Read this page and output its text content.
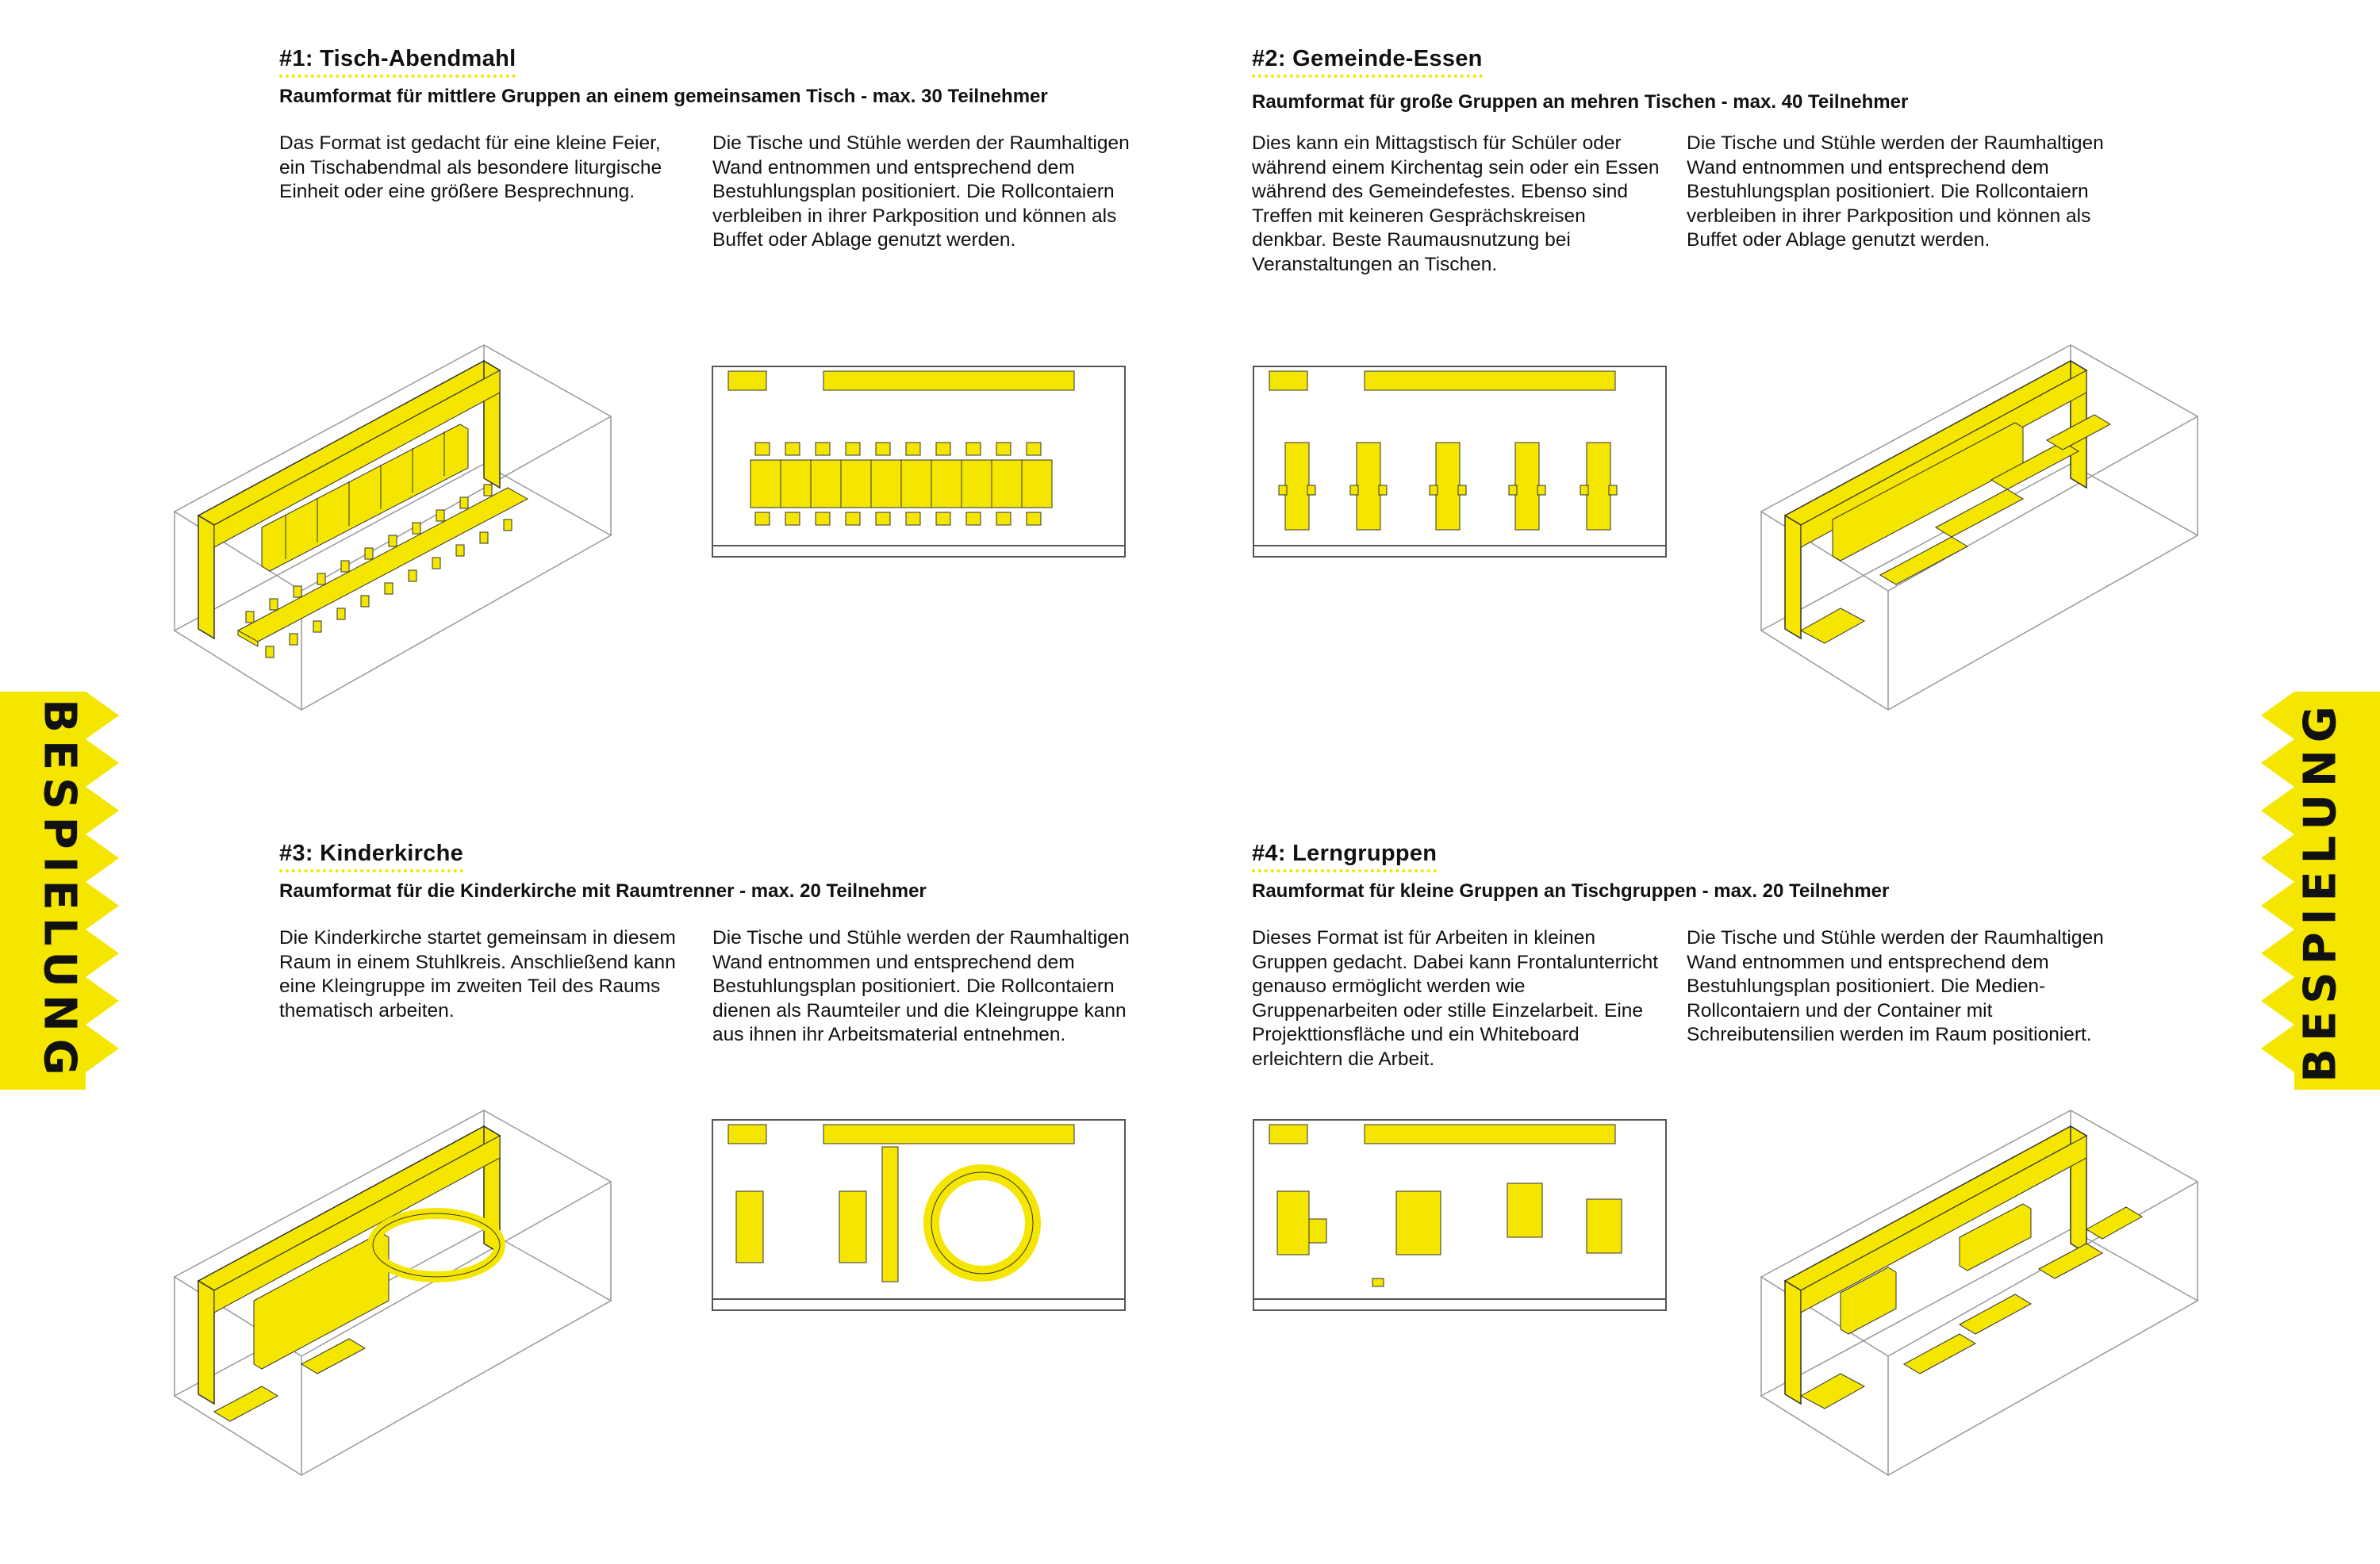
BESPIELUNG	BESPIELUNG
#1: Tisch-Abendmahl
Raumformat für mittlere Gruppen an einem gemeinsamen Tisch - max. 30 Teilnehmer
Das Format ist gedacht für eine kleine Feier, ein Tischabendmal als besondere liturgische Einheit oder eine größere Besprechnung.
Die Tische und Stühle werden der Raumhaltigen Wand entnommen und entsprechend dem Bestuhlungsplan positioniert. Die Rollcontaiern verbleiben in ihrer Parkposition und können als Buffet oder Ablage genutzt werden.
#2: Gemeinde-Essen
Raumformat für große Gruppen an mehren Tischen - max. 40 Teilnehmer
Dies kann ein Mittagstisch für Schüler oder während einem Kirchentag sein oder ein Essen während des Gemeindefestes. Ebenso sind Treffen mit keineren Gesprächskreisen denkbar. Beste Raumausnutzung bei Veranstaltungen an Tischen.
Die Tische und Stühle werden der Raumhaltigen Wand entnommen und entsprechend dem Bestuhlungsplan positioniert. Die Rollcontaiern verbleiben in ihrer Parkposition und können als Buffet oder Ablage genutzt werden.
#3: Kinderkirche
Raumformat für die Kinderkirche mit Raumtrenner - max. 20 Teilnehmer
Die Kinderkirche startet gemeinsam in diesem Raum in einem Stuhlkreis. Anschließend kann eine Kleingruppe im zweiten Teil des Raums thematisch arbeiten.
Die Tische und Stühle werden der Raumhaltigen Wand entnommen und entsprechend dem Bestuhlungsplan positioniert. Die Rollcontaiern dienen als Raumteiler und die Kleingruppe kann aus ihnen ihr Arbeitsmaterial entnehmen.
#4: Lerngruppen
Raumformat für kleine Gruppen an Tischgruppen - max. 20 Teilnehmer
Dieses Format ist für Arbeiten in kleinen Gruppen gedacht. Dabei kann Frontalunterricht genauso ermöglicht werden wie Gruppenarbeiten oder stille Einzelarbeit. Eine Projekttionsfläche und ein Whiteboard erleichtern die Arbeit.
Die Tische und Stühle werden der Raumhaltigen Wand entnommen und entsprechend dem Bestuhlungsplan positioniert. Die Medien-Rollcontaiern und der Container mit Schreibutensilien werden im Raum positioniert.
